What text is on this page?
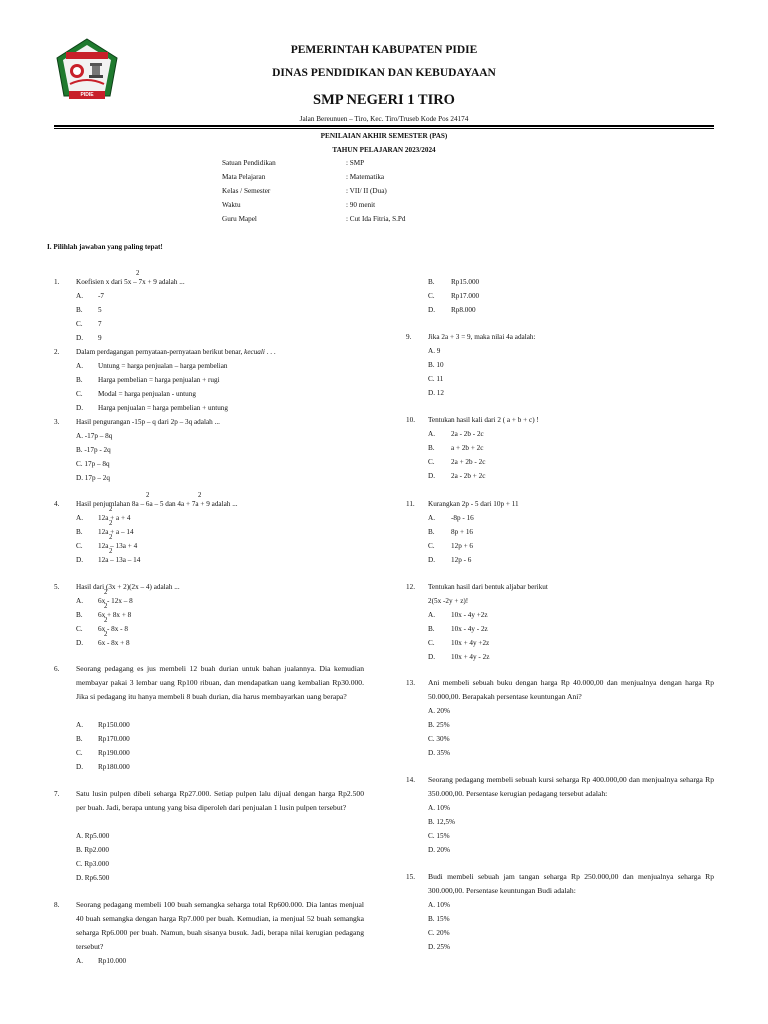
PIDIE
PEMERINTAH KABUPATEN PIDIE
DINAS PENDIDIKAN DAN KEBUDAYAAN
SMP NEGERI 1 TIRO
Jalan Bereunuen – Tiro, Kec. Tiro/Truseb Kode Pos 24174
PENILAIAN AKHIR SEMESTER (PAS)
TAHUN PELAJARAN 2023/2024
Satuan Pendidikan	: SMP
Mata Pelajaran	: Matematika
Kelas / Semester	: VII/ II (Dua)
Waktu	: 90 menit
Guru Mapel	: Cut Ida Fitria, S.Pd
I. Pilihlah jawaban yang paling tepat!
1. Koefisien x dari 5x – 7x + 9 adalah ...
2
A. -7
B. 5
C. 7
D. 9
2. Dalam perdagangan pernyataan-pernyataan berikut benar, kecuali . . .
A. Untung = harga penjualan – harga pembelian
B. Harga pembelian = harga penjualan + rugi
C. Modal = harga penjualan - untung
D. Harga penjualan = harga pembelian + untung
3. Hasil pengurangan -15p – q dari 2p – 3q adalah ...
A. -17p – 8q
B. -17p - 2q
C. 17p – 8q
D. 17p – 2q
4. Hasil penjumlahan 8a – 6a – 5 dan 4a + 7a + 9 adalah ...
2	2
A. 12a + a + 4
2
B. 12a + a – 14
2
C. 12a – 13a + 4
2
D. 12a – 13a – 14
2
5. Hasil dari (3x + 2)(2x – 4) adalah ...
A. 6x - 12x – 8
2
B. 6x + 8x + 8
2
C. 6x - 8x - 8
2
D. 6x - 8x + 8
2
6. Seorang pedagang es jus membeli 12 buah durian untuk bahan jualannya. Dia kemudian membayar pakai 3 lembar uang Rp100 ribuan, dan mendapatkan uang kembalian Rp30.000. Jika si pedagang itu hanya membeli 8 buah durian, dia harus membayarkan uang berapa?
A. Rp150.000
B. Rp170.000
C. Rp190.000
D. Rp180.000
7. Satu lusin pulpen dibeli seharga Rp27.000. Setiap pulpen lalu dijual dengan harga Rp2.500 per buah. Jadi, berapa untung yang bisa diperoleh dari penjualan 1 lusin pulpen tersebut?
A. Rp5.000
B. Rp2.000
C. Rp3.000
D. Rp6.500
8. Seorang pedagang membeli 100 buah semangka seharga total Rp600.000. Dia lantas menjual 40 buah semangka dengan harga Rp7.000 per buah. Kemudian, ia menjual 52 buah semangka seharga Rp6.000 per buah. Namun, buah sisanya busuk. Jadi, berapa nilai kerugian pedagang tersebut?
A. Rp10.000
B. Rp15.000
C. Rp17.000
D. Rp8.000
9. Jika 2a + 3 = 9, maka nilai 4a adalah:
A. 9
B. 10
C. 11
D. 12
10. Tentukan hasil kali dari 2 ( a + b + c) !
A. 2a - 2b - 2c
B. a + 2b + 2c
C. 2a + 2b - 2c
D. 2a - 2b + 2c
11. Kurangkan 2p - 5 dari 10p + 11
A. -8p - 16
B. 8p + 16
C. 12p + 6
D. 12p - 6
12. Tentukan hasil dari bentuk aljabar berikut
2(5x -2y + z)!
A. 10x - 4y +2z
B. 10x - 4y - 2z
C. 10x + 4y +2z
D. 10x + 4y - 2z
13. Ani membeli sebuah buku dengan harga Rp 40.000,00 dan menjualnya dengan harga Rp 50.000,00. Berapakah persentase keuntungan Ani?
A. 20%
B. 25%
C. 30%
D. 35%
14. Seorang pedagang membeli sebuah kursi seharga Rp 400.000,00 dan menjualnya seharga Rp 350.000,00. Persentase kerugian pedagang tersebut adalah:
A. 10%
B. 12,5%
C. 15%
D. 20%
15. Budi membeli sebuah jam tangan seharga Rp 250.000,00 dan menjualnya seharga Rp 300.000,00. Persentase keuntungan Budi adalah:
A. 10%
B. 15%
C. 20%
D. 25%
